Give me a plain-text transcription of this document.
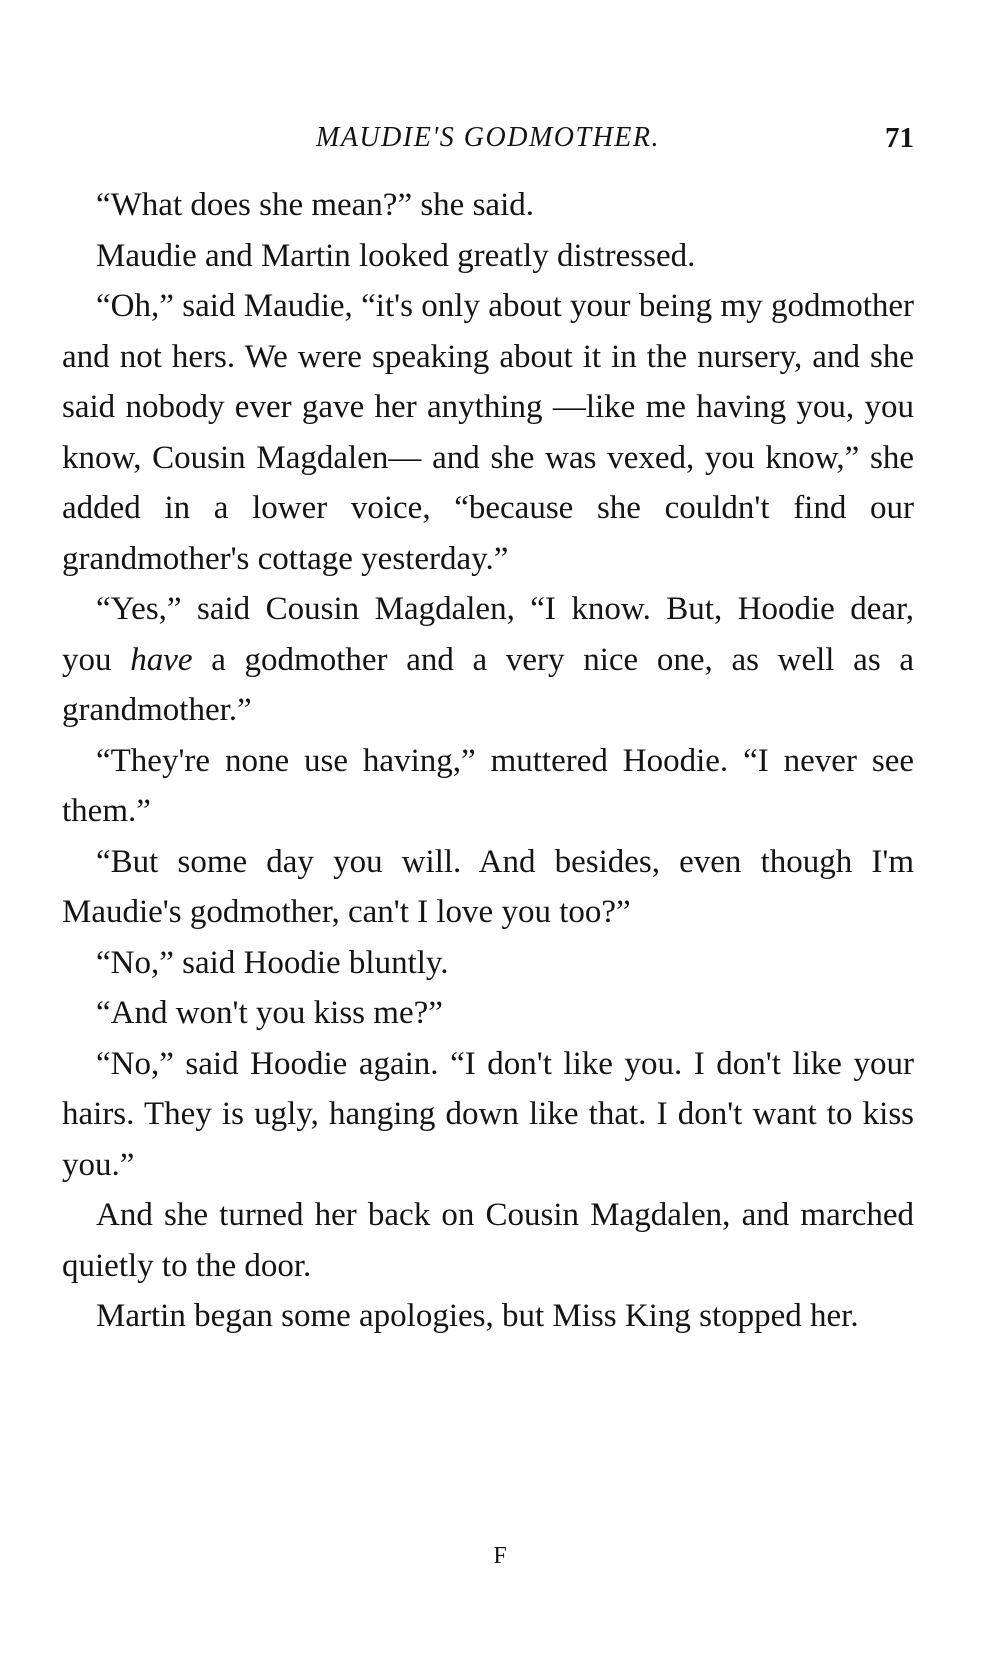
MAUDIE'S GODMOTHER.	71

“What does she mean?” she said.

Maudie and Martin looked greatly distressed.

“Oh,” said Maudie, “it's only about your being my godmother and not hers. We were speaking about it in the nursery, and she said nobody ever gave her anything —like me having you, you know, Cousin Magdalen— and she was vexed, you know,” she added in a lower voice, “because she couldn't find our grandmother's cottage yesterday.”

“Yes,” said Cousin Magdalen, “I know. But, Hoodie dear, you have a godmother and a very nice one, as well as a grandmother.”

“They're none use having,” muttered Hoodie. “I never see them.”

“But some day you will. And besides, even though I'm Maudie's godmother, can't I love you too?”

“No,” said Hoodie bluntly.

“And won't you kiss me?”

“No,” said Hoodie again. “I don't like you. I don't like your hairs. They is ugly, hanging down like that. I don't want to kiss you.”

And she turned her back on Cousin Magdalen, and marched quietly to the door.

Martin began some apologies, but Miss King stopped her.

F
